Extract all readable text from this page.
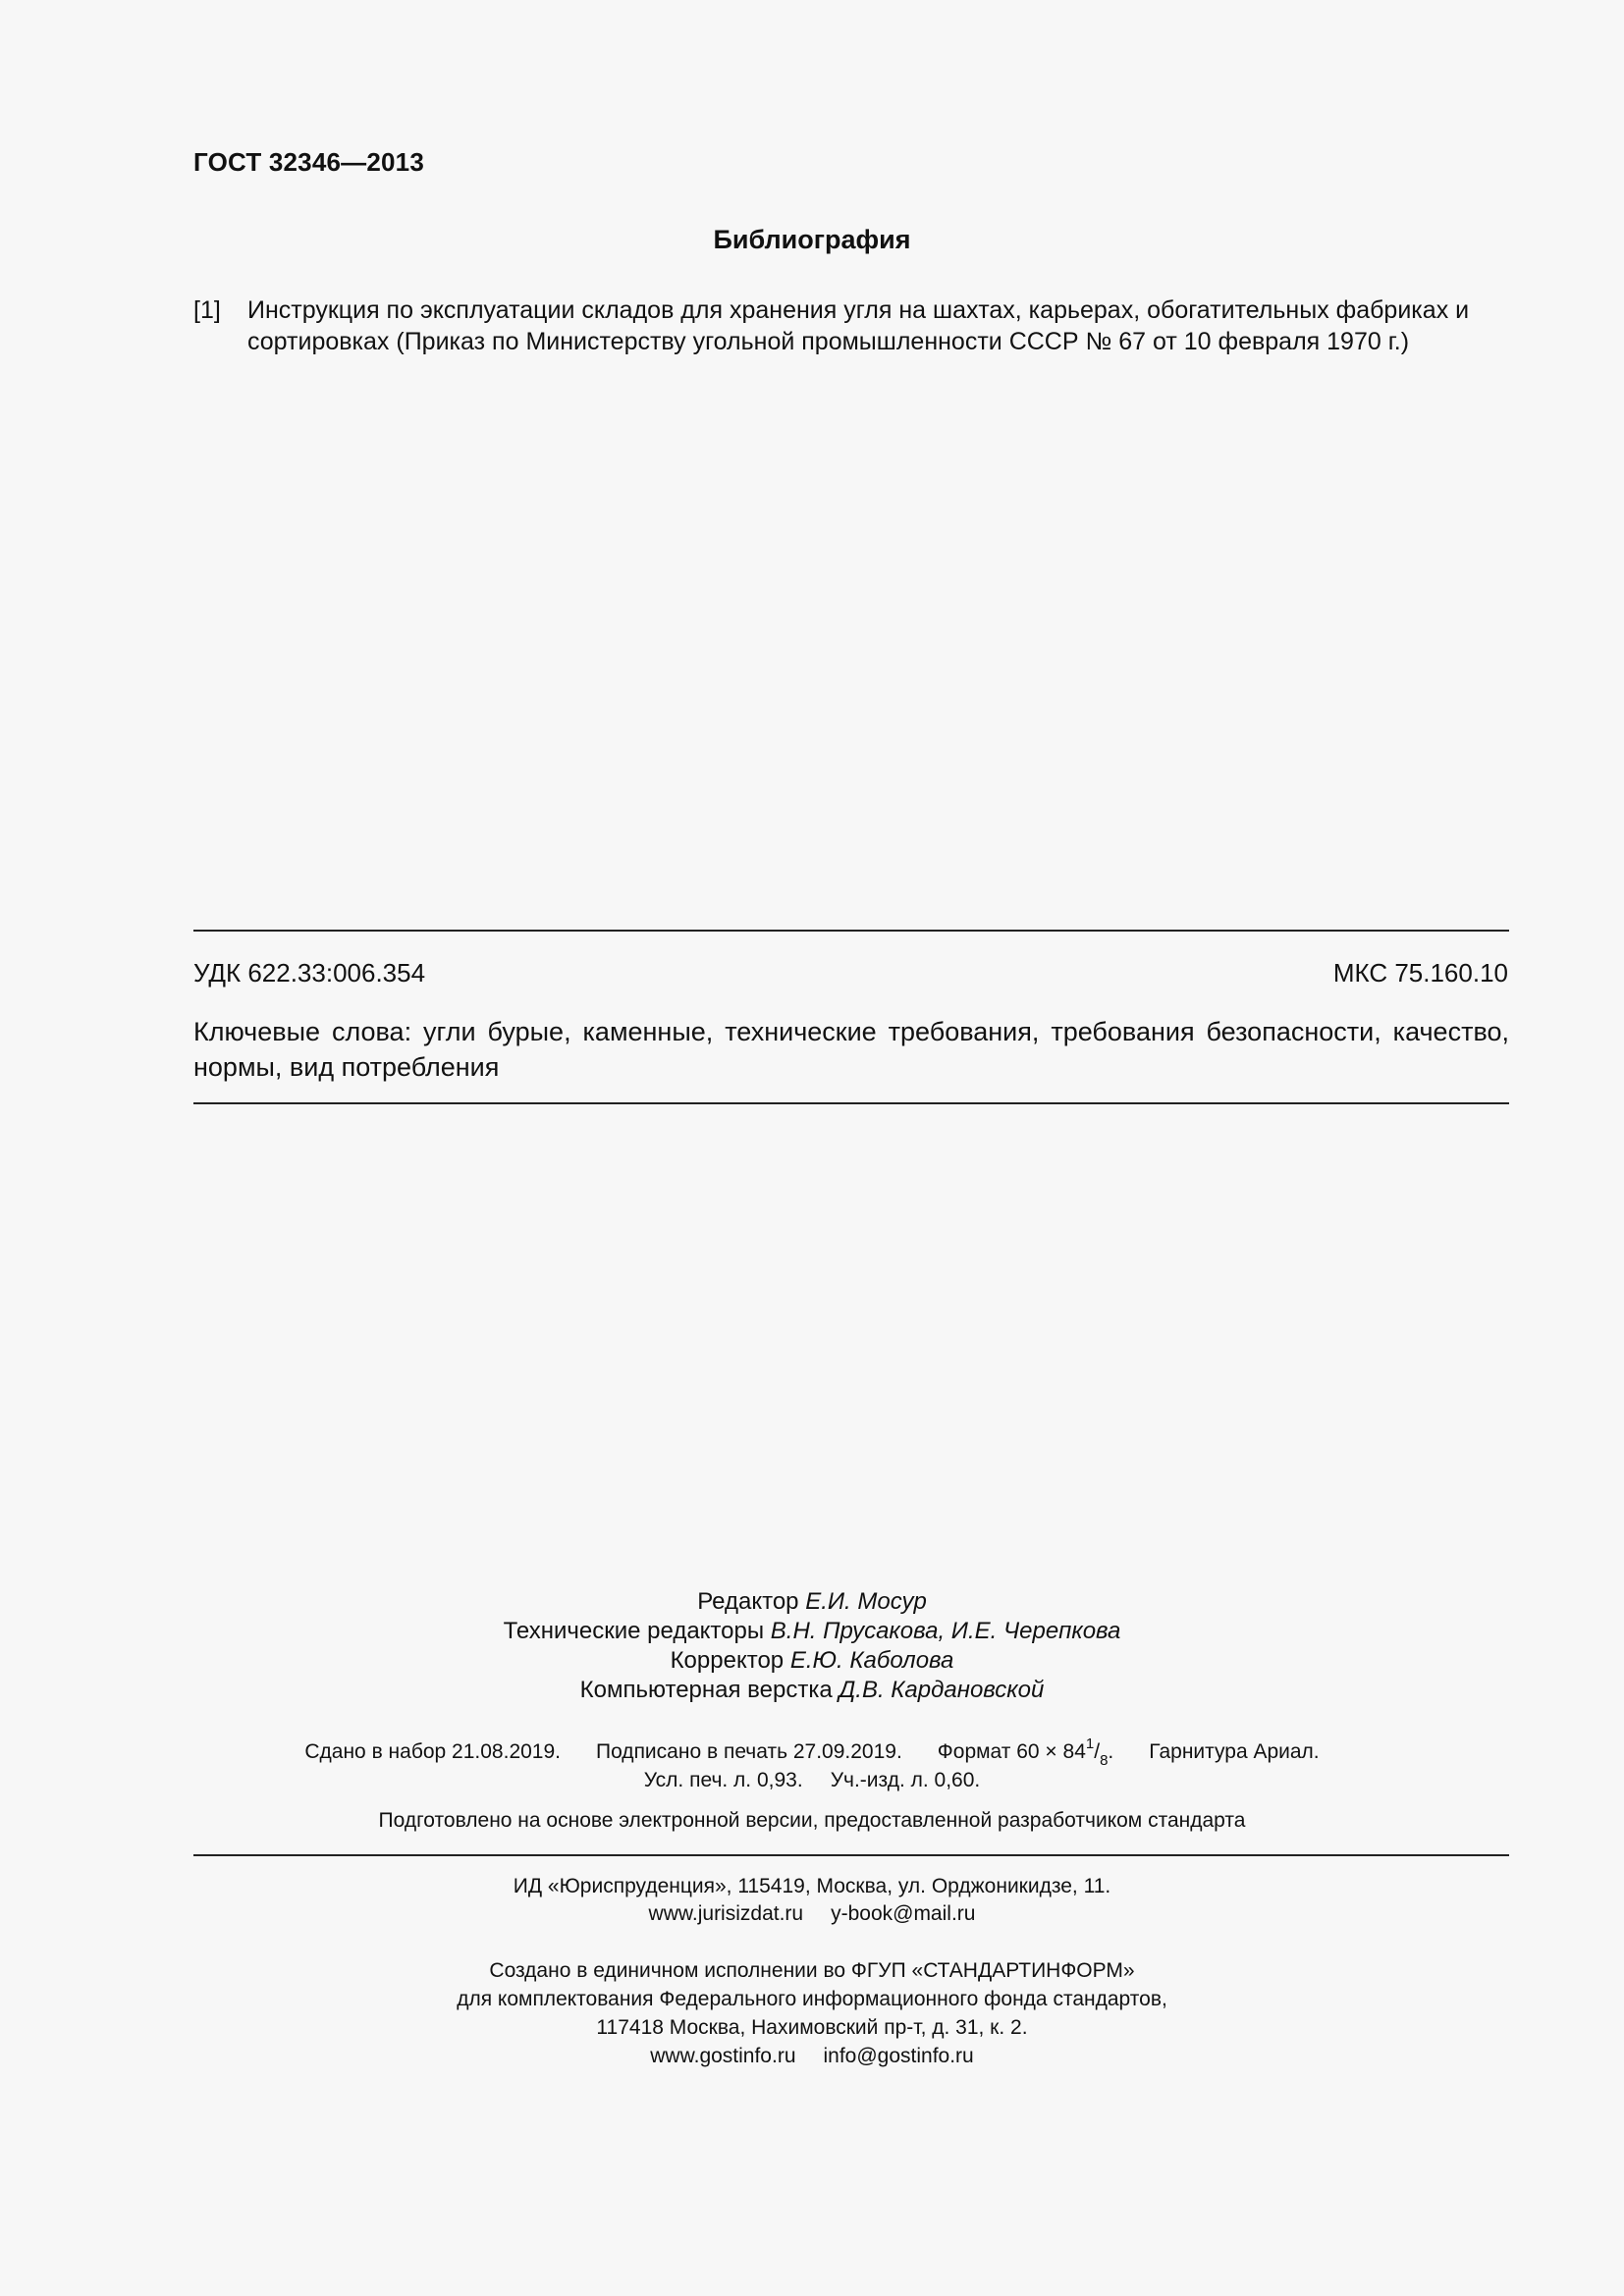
ГОСТ 32346—2013
Библиография
[1] Инструкция по эксплуатации складов для хранения угля на шахтах, карьерах, обогатительных фабриках и сортировках (Приказ по Министерству угольной промышленности СССР № 67 от 10 февраля 1970 г.)
УДК 622.33:006.354	МКС 75.160.10
Ключевые слова: угли бурые, каменные, технические требования, требования безопасности, качество, нормы, вид потребления
Редактор Е.И. Мосур
Технические редакторы В.Н. Прусакова, И.Е. Черепкова
Корректор Е.Ю. Каболова
Компьютерная верстка Д.В. Кардановской
Сдано в набор 21.08.2019. Подписано в печать 27.09.2019. Формат $60 \times 84^1/_8$. Гарнитура Ариал.
Усл. печ. л. 0,93. Уч.-изд. л. 0,60.
Подготовлено на основе электронной версии, предоставленной разработчиком стандарта
ИД «Юриспруденция», 115419, Москва, ул. Орджоникидзе, 11.
www.jurisizdat.ru y-book@mail.ru
Создано в единичном исполнении во ФГУП «СТАНДАРТИНФОРМ»
для комплектования Федерального информационного фонда стандартов,
117418 Москва, Нахимовский пр-т, д. 31, к. 2.
www.gostinfo.ru info@gostinfo.ru
